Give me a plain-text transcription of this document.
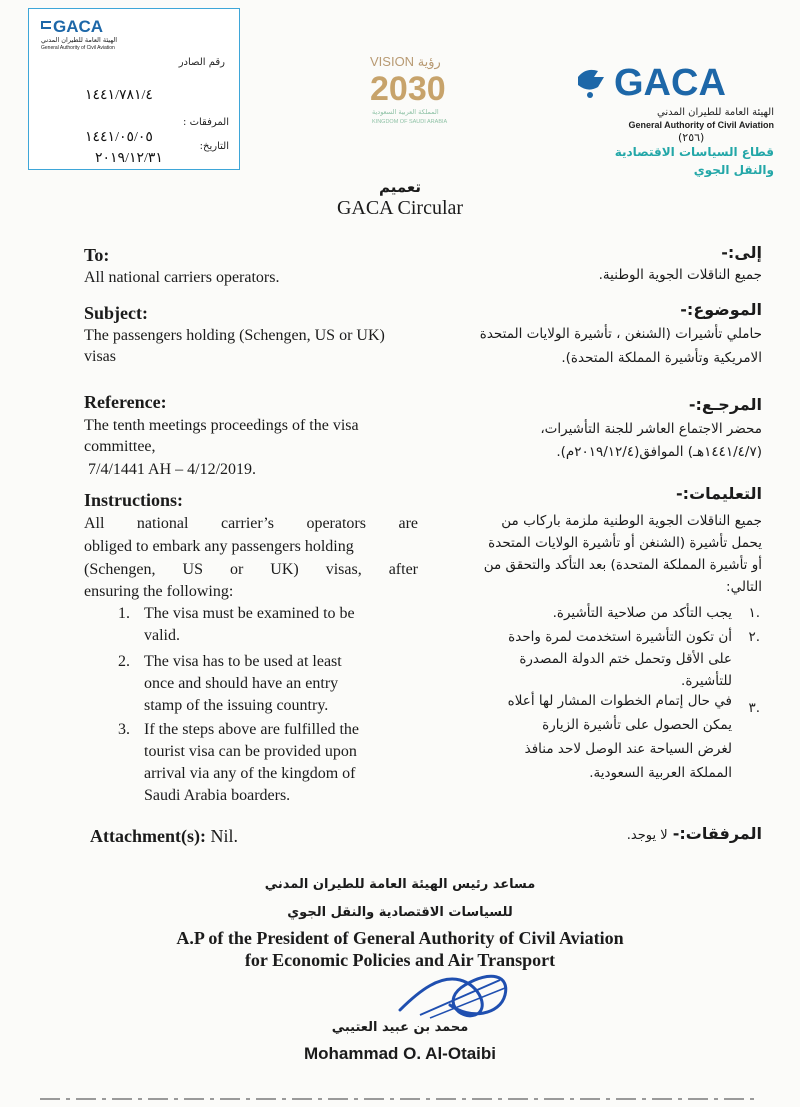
GACA
الهيئة العامة للطيران المدني
General Authority of Civil Aviation
رقم الصادر
١٤٤١/٧٨١/٤
المرفقات :
١٤٤١/٠٥/٠٥
التاريخ:
٢٠١٩/١٢/٣١
VISION رؤية
2030
المملكة العربية السعودية
KINGDOM OF SAUDI ARABIA
GACA
الهيئة العامة للطيران المدني
General Authority of Civil Aviation
(٢٥٦)
قطاع السياسات الاقتصادية
والنقل الجوي
تعميم
GACA Circular
To:
All national carriers operators.
إلى:-
جميع الناقلات الجوية الوطنية.
Subject:
The passengers holding (Schengen, US or UK)
visas
الموضوع:-
حاملي تأشيرات (الشنغن ، تأشيرة الولايات المتحدة
الامريكية وتأشيرة المملكة المتحدة).
Reference:
The tenth meetings proceedings of the visa
committee,
7/4/1441 AH – 4/12/2019.
المرجـع:-
محضر الاجتماع العاشر للجنة التأشيرات،
(١٤٤١/٤/٧هـ) الموافق(٢٠١٩/١٢/٤م).
Instructions:
All national carrier’s operators are
obliged to embark any passengers holding
(Schengen, US or UK) visas, after
ensuring the following:
1. The visa must be examined to be
valid.
2. The visa has to be used at least
once and should have an entry
stamp of the issuing country.
3. If the steps above are fulfilled the
tourist visa can be provided upon
arrival via any of the kingdom of
Saudi Arabia boarders.
التعليمات:-
جميع الناقلات الجوية الوطنية ملزمة باركاب من
يحمل تأشيرة (الشنغن أو تأشيرة الولايات المتحدة
أو تأشيرة المملكة المتحدة) بعد التأكد والتحقق من
التالي:
.١
يجب التأكد من صلاحية التأشيرة.
.٢
أن تكون التأشيرة استخدمت لمرة واحدة
على الأقل وتحمل ختم الدولة المصدرة
للتأشيرة.
.٣
في حال إتمام الخطوات المشار لها أعلاه
يمكن الحصول على تأشيرة الزيارة
لغرض السياحة عند الوصل لاحد منافذ
المملكة العربية السعودية.
Attachment(s): Nil.	المرفقات:- لا يوجد.
مساعد رئيس الهيئة العامة للطيران المدني
للسياسات الاقتصادية والنقل الجوي
A.P of the President of General Authority of Civil Aviation
for Economic Policies and Air Transport
محمد بن عبيد العتيبي
Mohammad O. Al-Otaibi
